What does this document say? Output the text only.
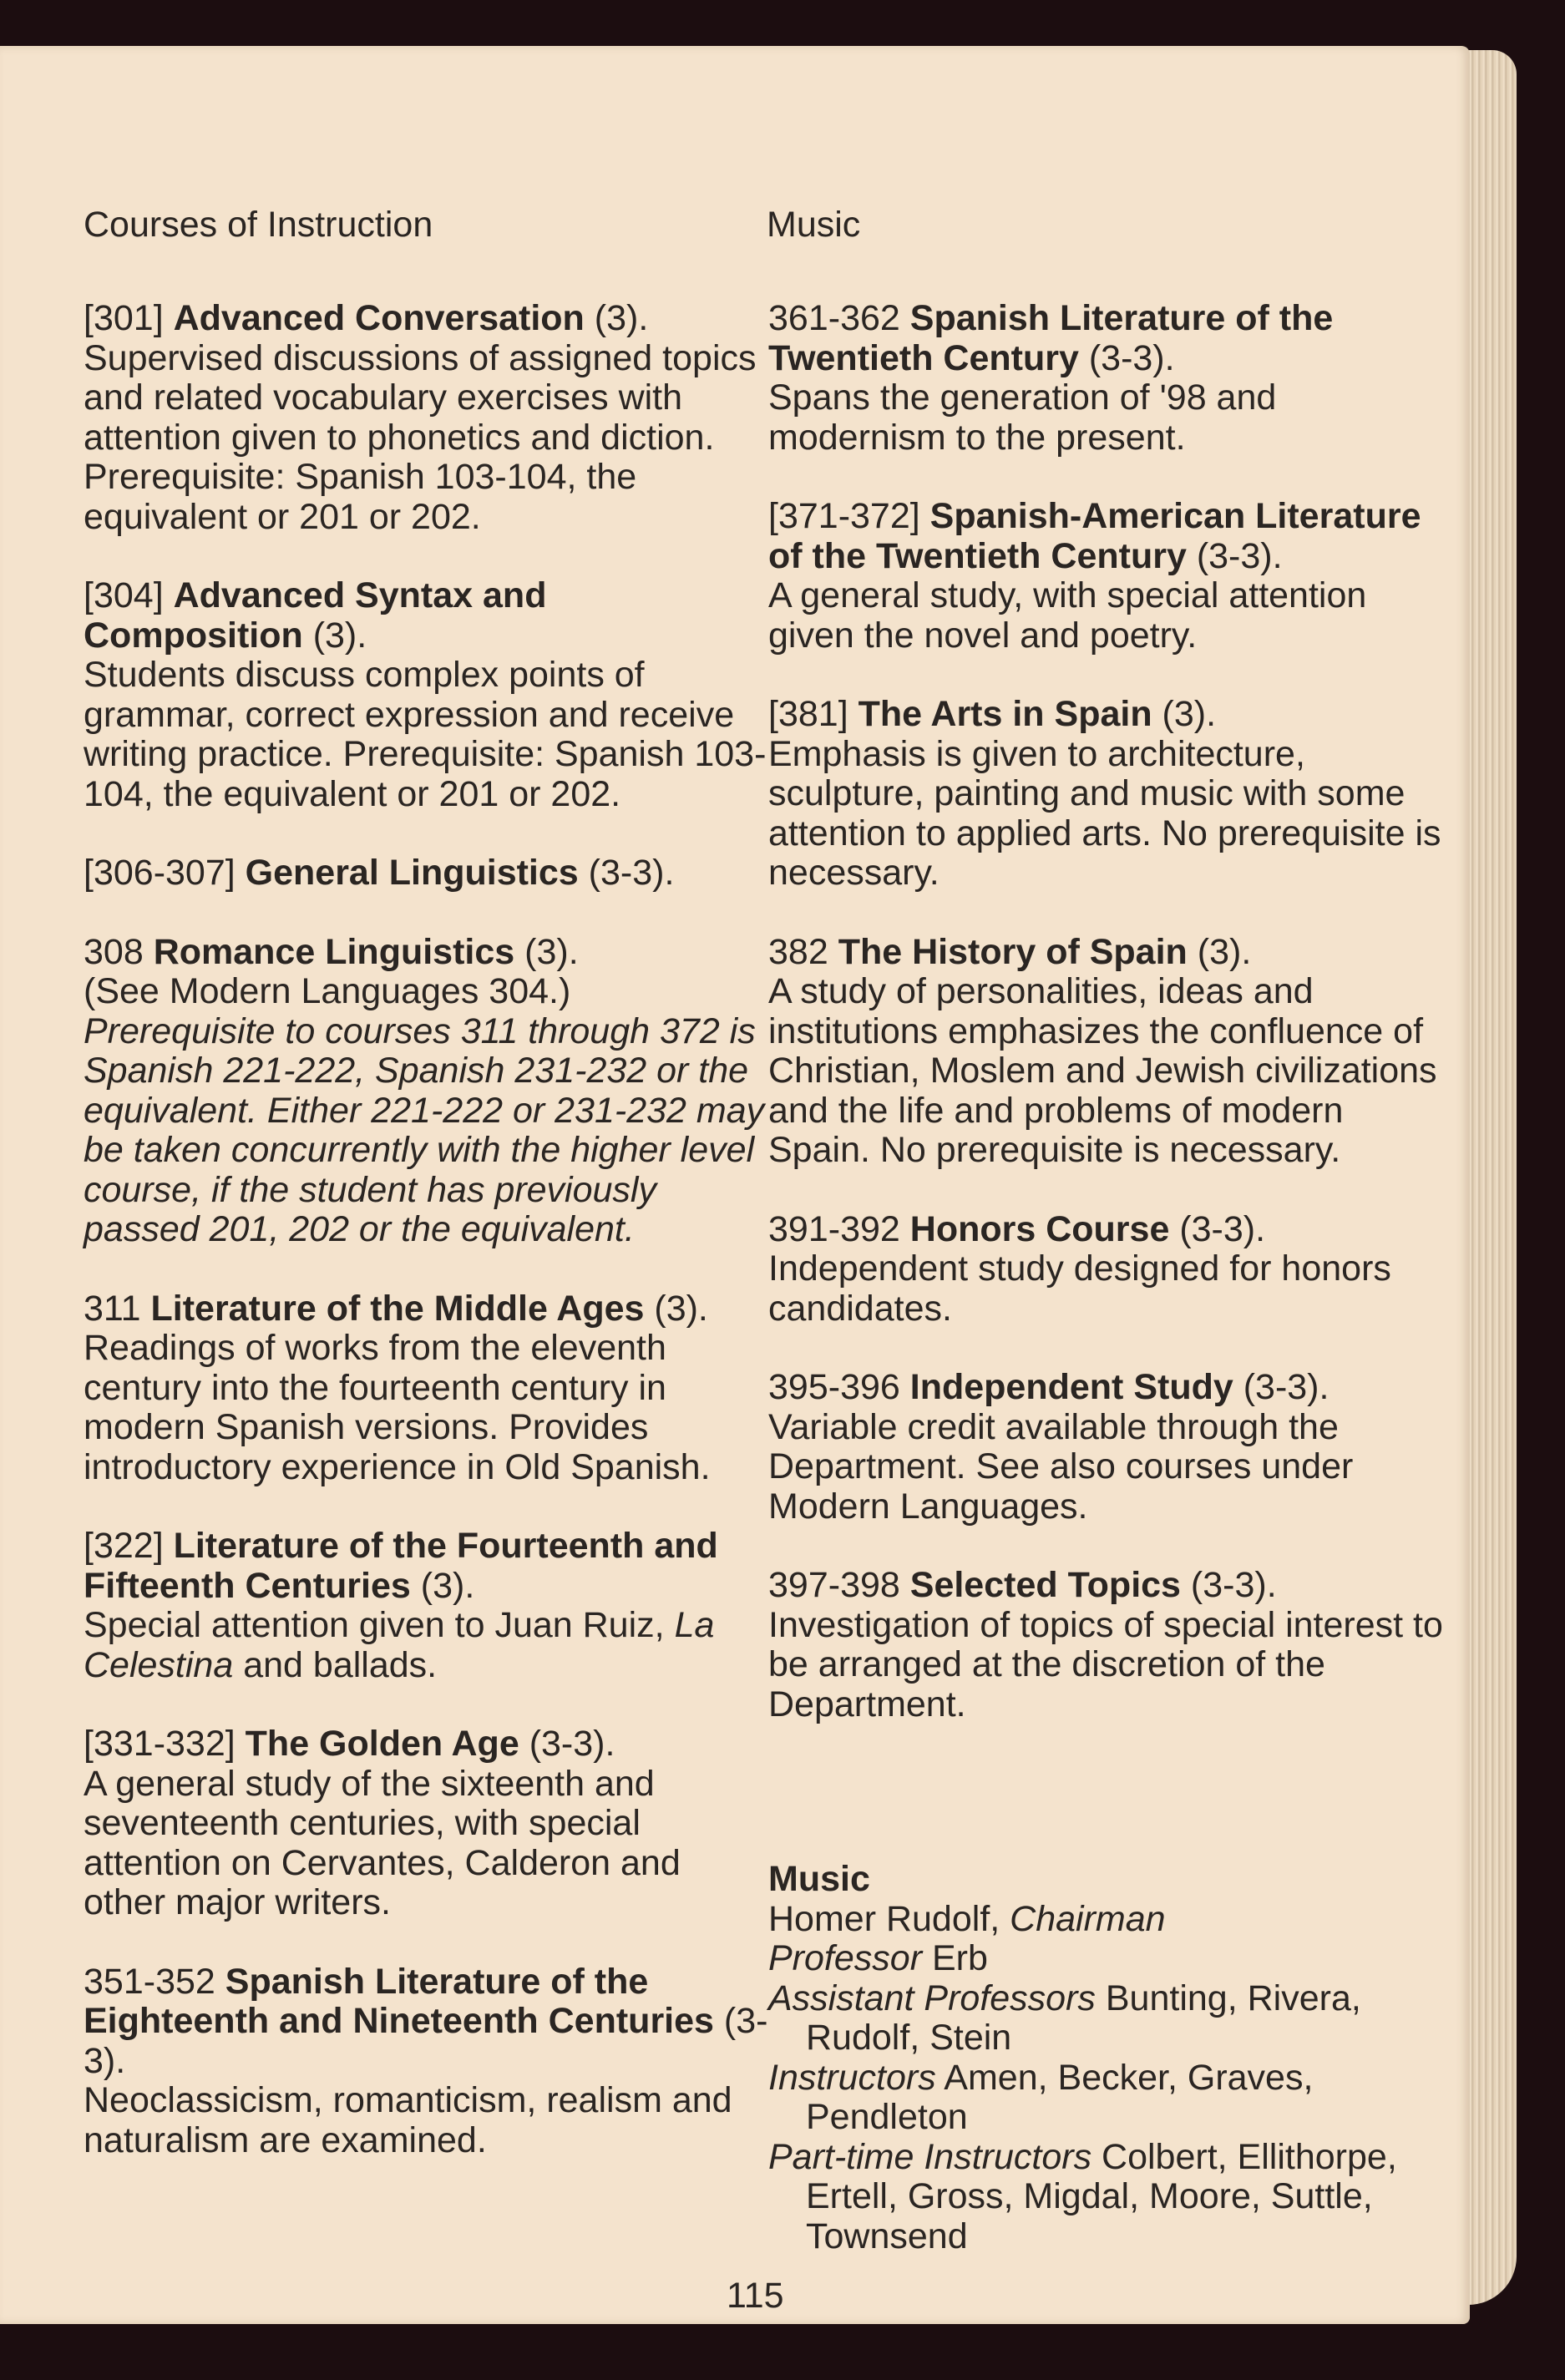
Courses of Instruction	Music
[301] Advanced Conversation (3).
Supervised discussions of assigned topics and related vocabulary exercises with attention given to phonetics and diction. Prerequisite: Spanish 103-104, the equivalent or 201 or 202.
[304] Advanced Syntax and Composition (3).
Students discuss complex points of grammar, correct expression and receive writing practice. Prerequisite: Spanish 103-104, the equivalent or 201 or 202.
[306-307] General Linguistics (3-3).
308 Romance Linguistics (3).
(See Modern Languages 304.)
Prerequisite to courses 311 through 372 is Spanish 221-222, Spanish 231-232 or the equivalent. Either 221-222 or 231-232 may be taken concurrently with the higher level course, if the student has previously passed 201, 202 or the equivalent.
311 Literature of the Middle Ages (3).
Readings of works from the eleventh century into the fourteenth century in modern Spanish versions. Provides introductory experience in Old Spanish.
[322] Literature of the Fourteenth and Fifteenth Centuries (3).
Special attention given to Juan Ruiz, La Celestina and ballads.
[331-332] The Golden Age (3-3).
A general study of the sixteenth and seventeenth centuries, with special attention on Cervantes, Calderon and other major writers.
351-352 Spanish Literature of the Eighteenth and Nineteenth Centuries (3-3).
Neoclassicism, romanticism, realism and naturalism are examined.
361-362 Spanish Literature of the Twentieth Century (3-3).
Spans the generation of '98 and modernism to the present.
[371-372] Spanish-American Literature of the Twentieth Century (3-3).
A general study, with special attention given the novel and poetry.
[381] The Arts in Spain (3).
Emphasis is given to architecture, sculpture, painting and music with some attention to applied arts. No prerequisite is necessary.
382 The History of Spain (3).
A study of personalities, ideas and institutions emphasizes the confluence of Christian, Moslem and Jewish civilizations and the life and problems of modern Spain. No prerequisite is necessary.
391-392 Honors Course (3-3).
Independent study designed for honors candidates.
395-396 Independent Study (3-3).
Variable credit available through the Department. See also courses under Modern Languages.
397-398 Selected Topics (3-3).
Investigation of topics of special interest to be arranged at the discretion of the Department.
Music
Homer Rudolf, Chairman
Professor Erb
Assistant Professors Bunting, Rivera, Rudolf, Stein
Instructors Amen, Becker, Graves, Pendleton
Part-time Instructors Colbert, Ellithorpe, Ertell, Gross, Migdal, Moore, Suttle, Townsend
115
